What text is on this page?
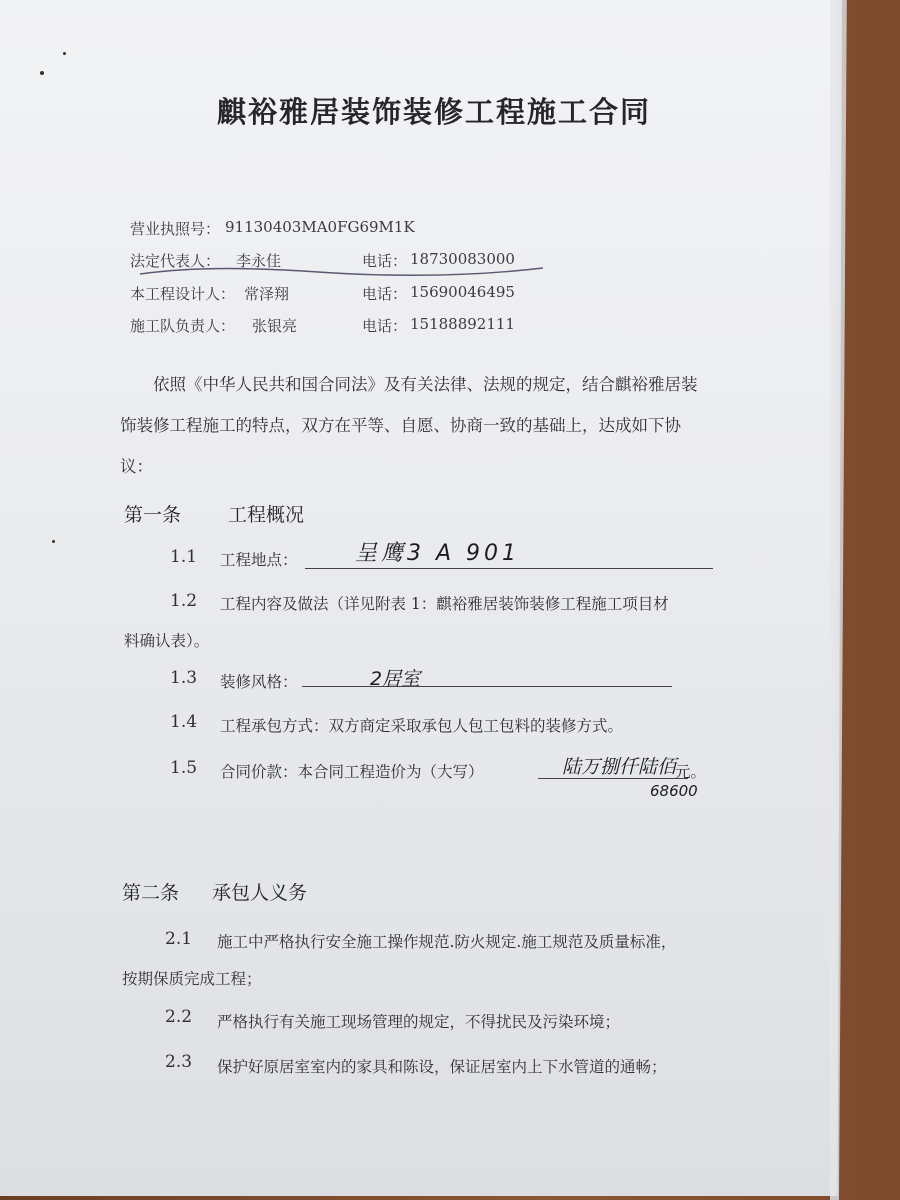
麒裕雅居装饰装修工程施工合同
营业执照号： 91130403MA0FG69M1K
法定代表人： 李永佳	电话： 18730083000
本工程设计人： 常泽翔	电话： 15690046495
施工队负责人： 张银亮	电话： 15188892111
依照《中华人民共和国合同法》及有关法律、法规的规定，结合麒裕雅居装
饰装修工程施工的特点，双方在平等、自愿、协商一致的基础上，达成如下协
议：
第一条 工程概况
1.1 工程地点：	呈鹰3 A 901
1.2 工程内容及做法（详见附表 1：麒裕雅居装饰装修工程施工项目材
料确认表）。
1.3 装修风格：	2居室
1.4 工程承包方式：双方商定采取承包人包工包料的装修方式。
1.5 合同价款：本合同工程造价为（大写）	陆万捌仟陆佰
元。
68600
第二条 承包人义务
2.1 施工中严格执行安全施工操作规范.防火规定.施工规范及质量标准，
按期保质完成工程；
2.2 严格执行有关施工现场管理的规定，不得扰民及污染环境；
2.3 保护好原居室室内的家具和陈设，保证居室内上下水管道的通畅；
